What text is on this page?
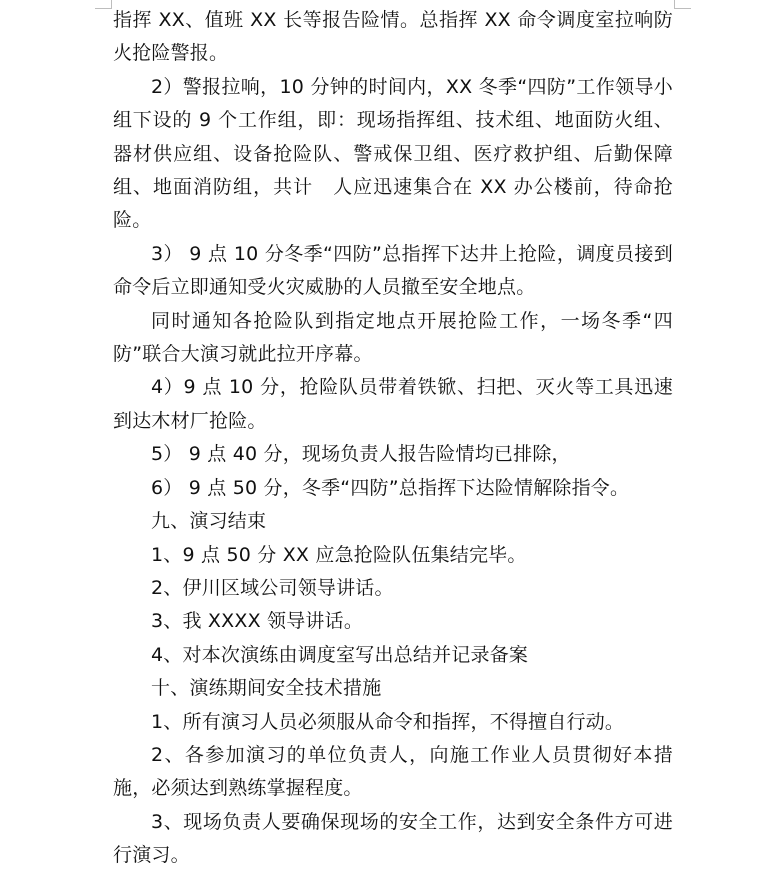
指挥 XX、值班 XX 长等报告险情。总指挥 XX 命令调度室拉响防火抢险警报。

2）警报拉响，10 分钟的时间内，XX 冬季“四防”工作领导小组下设的 9 个工作组，即：现场指挥组、技术组、地面防火组、器材供应组、设备抢险队、警戒保卫组、医疗救护组、后勤保障组、地面消防组，共计　人应迅速集合在 XX 办公楼前，待命抢险。

3） 9 点 10 分冬季“四防”总指挥下达井上抢险，调度员接到命令后立即通知受火灾威胁的人员撤至安全地点。

同时通知各抢险队到指定地点开展抢险工作，一场冬季“四防”联合大演习就此拉开序幕。

4）9 点 10 分，抢险队员带着铁锨、扫把、灭火等工具迅速到达木材厂抢险。

5） 9 点 40 分，现场负责人报告险情均已排除，

6） 9 点 50 分，冬季“四防”总指挥下达险情解除指令。

九、演习结束

1、9 点 50 分 XX 应急抢险队伍集结完毕。

2、伊川区域公司领导讲话。

3、我 XXXX 领导讲话。

4、对本次演练由调度室写出总结并记录备案

十、演练期间安全技术措施

1、所有演习人员必须服从命令和指挥，不得擅自行动。

2、各参加演习的单位负责人，向施工作业人员贯彻好本措施，必须达到熟练掌握程度。

3、现场负责人要确保现场的安全工作，达到安全条件方可进行演习。
